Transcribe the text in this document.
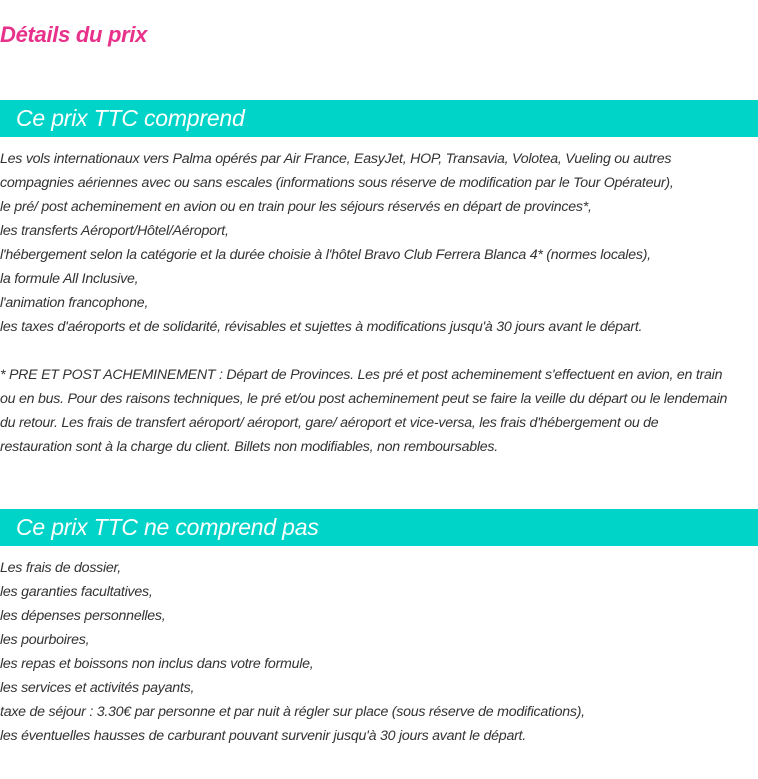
Détails du prix
Ce prix TTC comprend
Les vols internationaux vers Palma opérés par Air France, EasyJet, HOP, Transavia, Volotea, Vueling ou autres
compagnies aériennes avec ou sans escales (informations sous réserve de modification par le Tour Opérateur),
le pré/ post acheminement en avion ou en train pour les séjours réservés en départ de provinces*,
les transferts Aéroport/Hôtel/Aéroport,
l'hébergement selon la catégorie et la durée choisie à l'hôtel Bravo Club Ferrera Blanca 4* (normes locales),
la formule All Inclusive,
l'animation francophone,
les taxes d'aéroports et de solidarité, révisables et sujettes à modifications jusqu'à 30 jours avant le départ.
* PRE ET POST ACHEMINEMENT : Départ de Provinces. Les pré et post acheminement s'effectuent en avion, en train
ou en bus. Pour des raisons techniques, le pré et/ou post acheminement peut se faire la veille du départ ou le lendemain
du retour. Les frais de transfert aéroport/ aéroport, gare/ aéroport et vice-versa, les frais d'hébergement ou de
restauration sont à la charge du client. Billets non modifiables, non remboursables.
Ce prix TTC ne comprend pas
Les frais de dossier,
les garanties facultatives,
les dépenses personnelles,
les pourboires,
les repas et boissons non inclus dans votre formule,
les services et activités payants,
taxe de séjour : 3.30€ par personne et par nuit à régler sur place (sous réserve de modifications),
les éventuelles hausses de carburant pouvant survenir jusqu'à 30 jours avant le départ.
